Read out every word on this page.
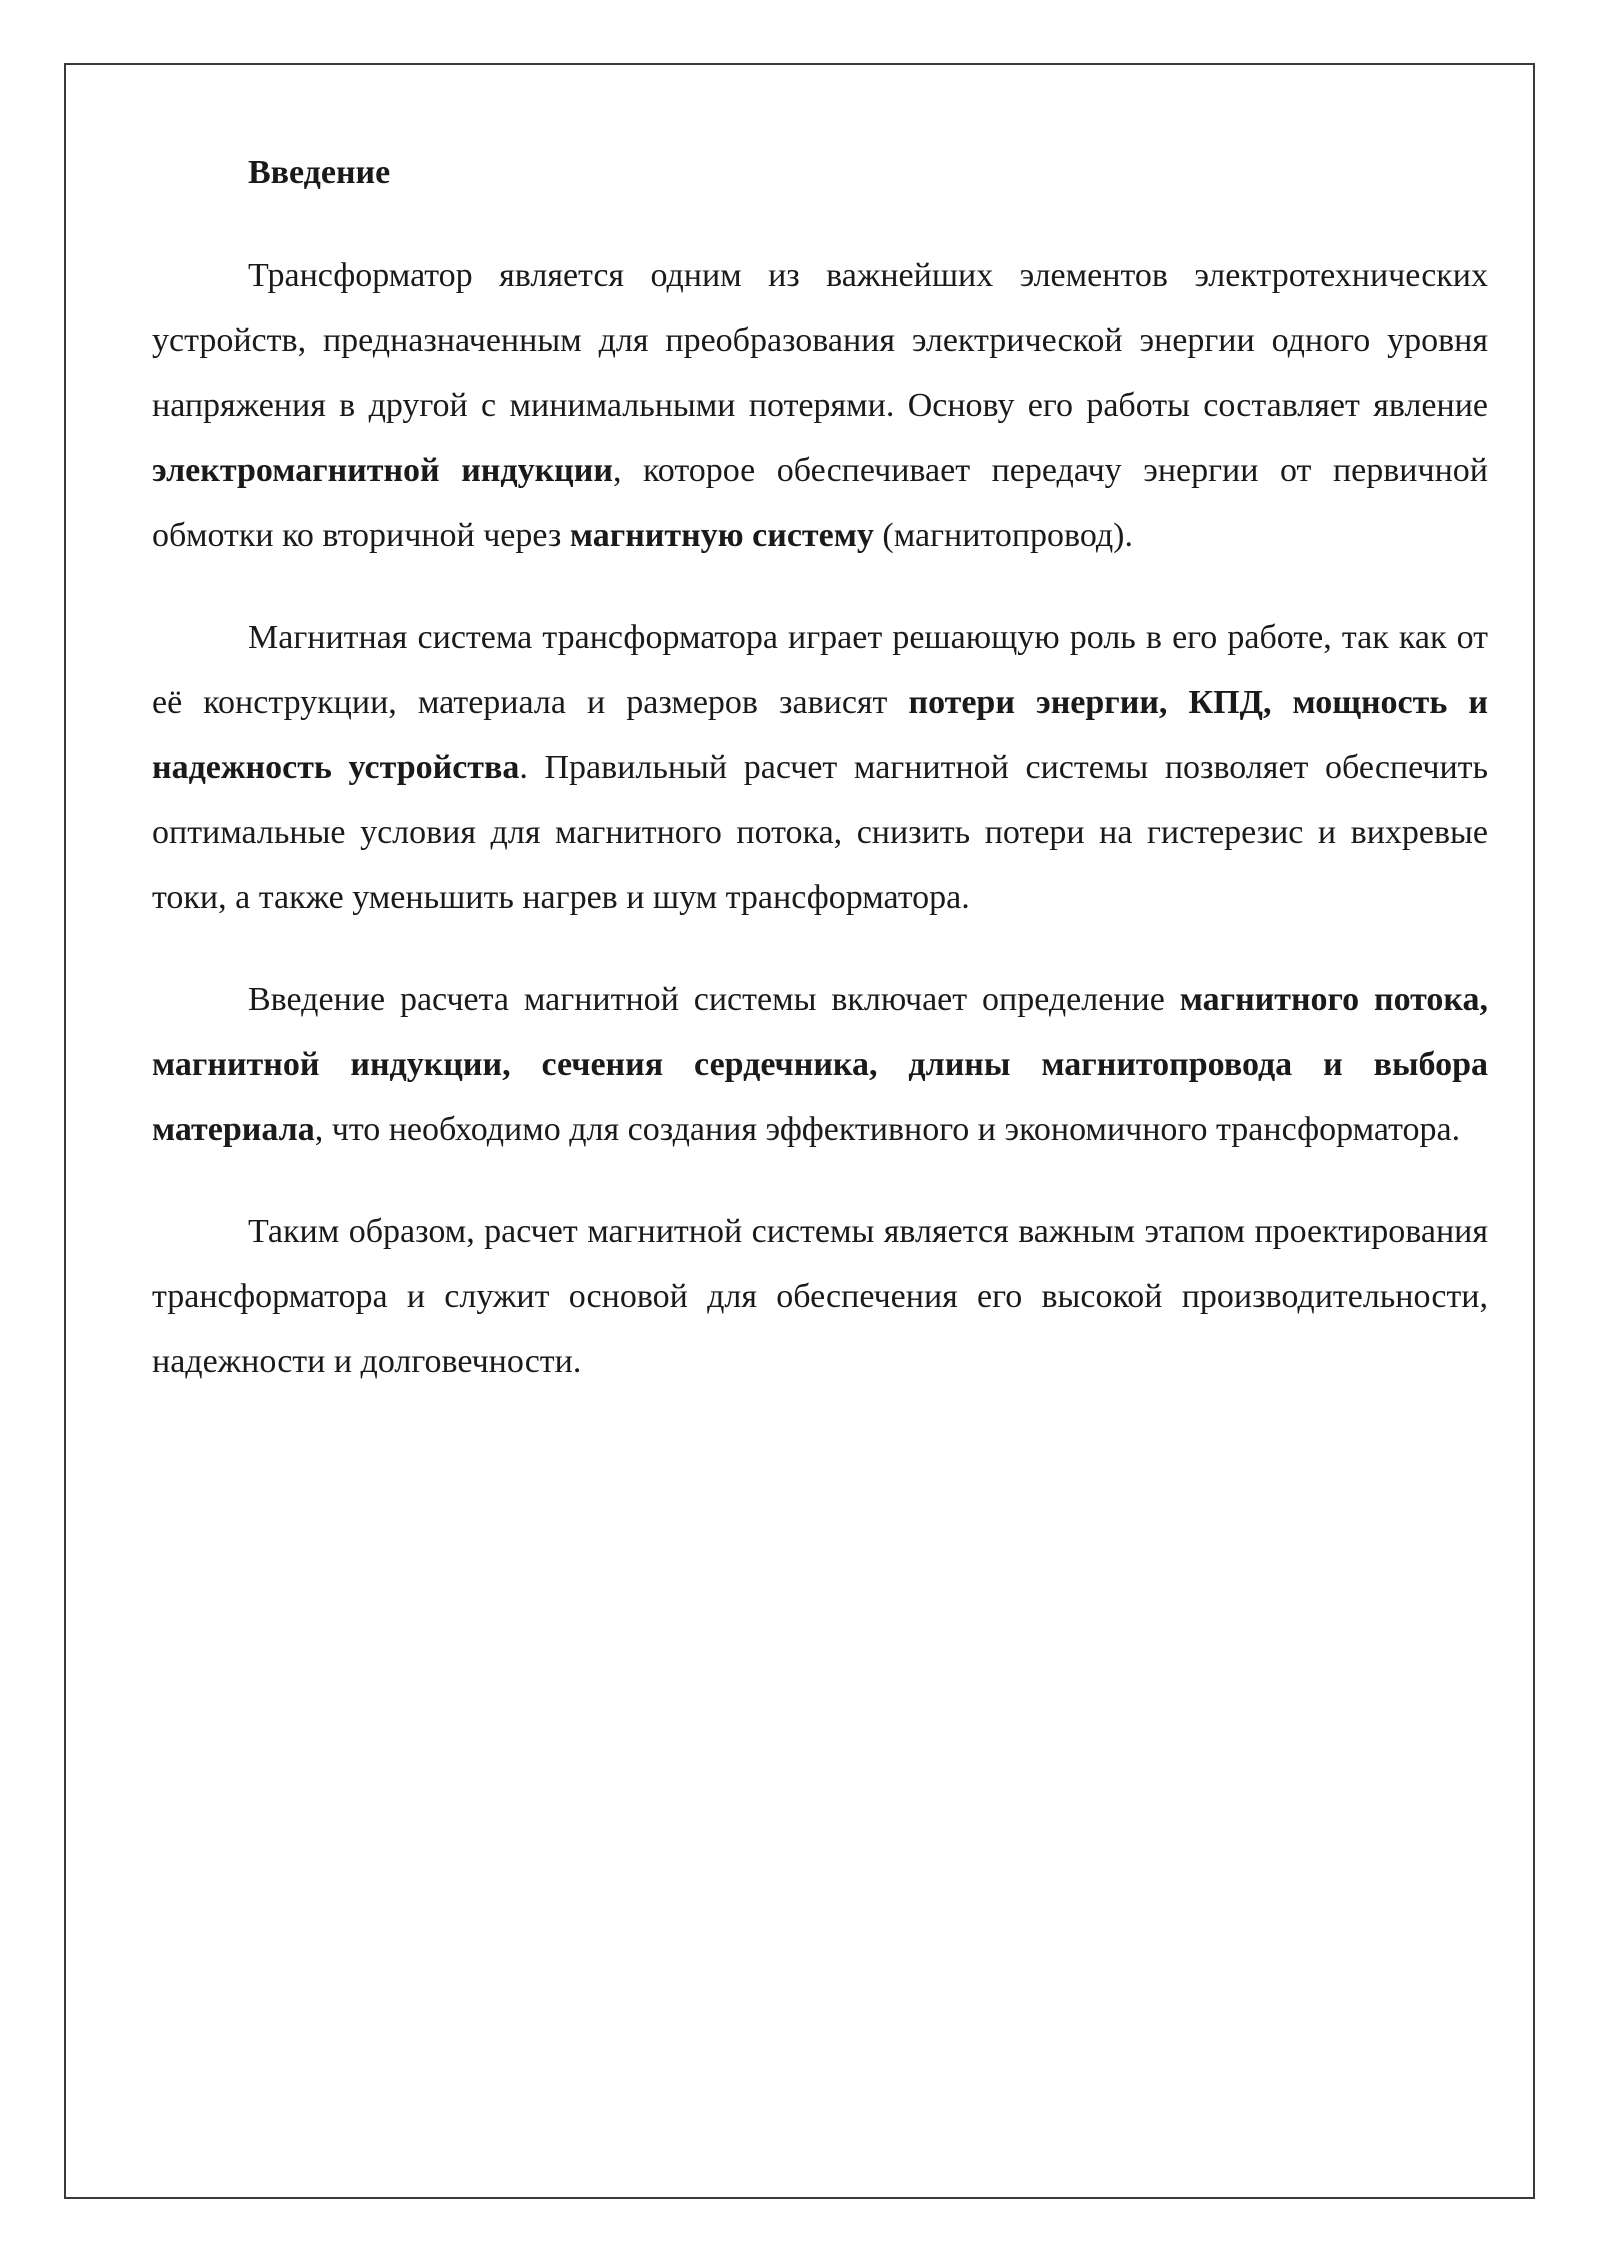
Введение

Трансформатор является одним из важнейших элементов электротехнических устройств, предназначенным для преобразования электрической энергии одного уровня напряжения в другой с минимальными потерями. Основу его работы составляет явление электромагнитной индукции, которое обеспечивает передачу энергии от первичной обмотки ко вторичной через магнитную систему (магнитопровод).

Магнитная система трансформатора играет решающую роль в его работе, так как от её конструкции, материала и размеров зависят потери энергии, КПД, мощность и надежность устройства. Правильный расчет магнитной системы позволяет обеспечить оптимальные условия для магнитного потока, снизить потери на гистерезис и вихревые токи, а также уменьшить нагрев и шум трансформатора.

Введение расчета магнитной системы включает определение магнитного потока, магнитной индукции, сечения сердечника, длины магнитопровода и выбора материала, что необходимо для создания эффективного и экономичного трансформатора.

Таким образом, расчет магнитной системы является важным этапом проектирования трансформатора и служит основой для обеспечения его высокой производительности, надежности и долговечности.
